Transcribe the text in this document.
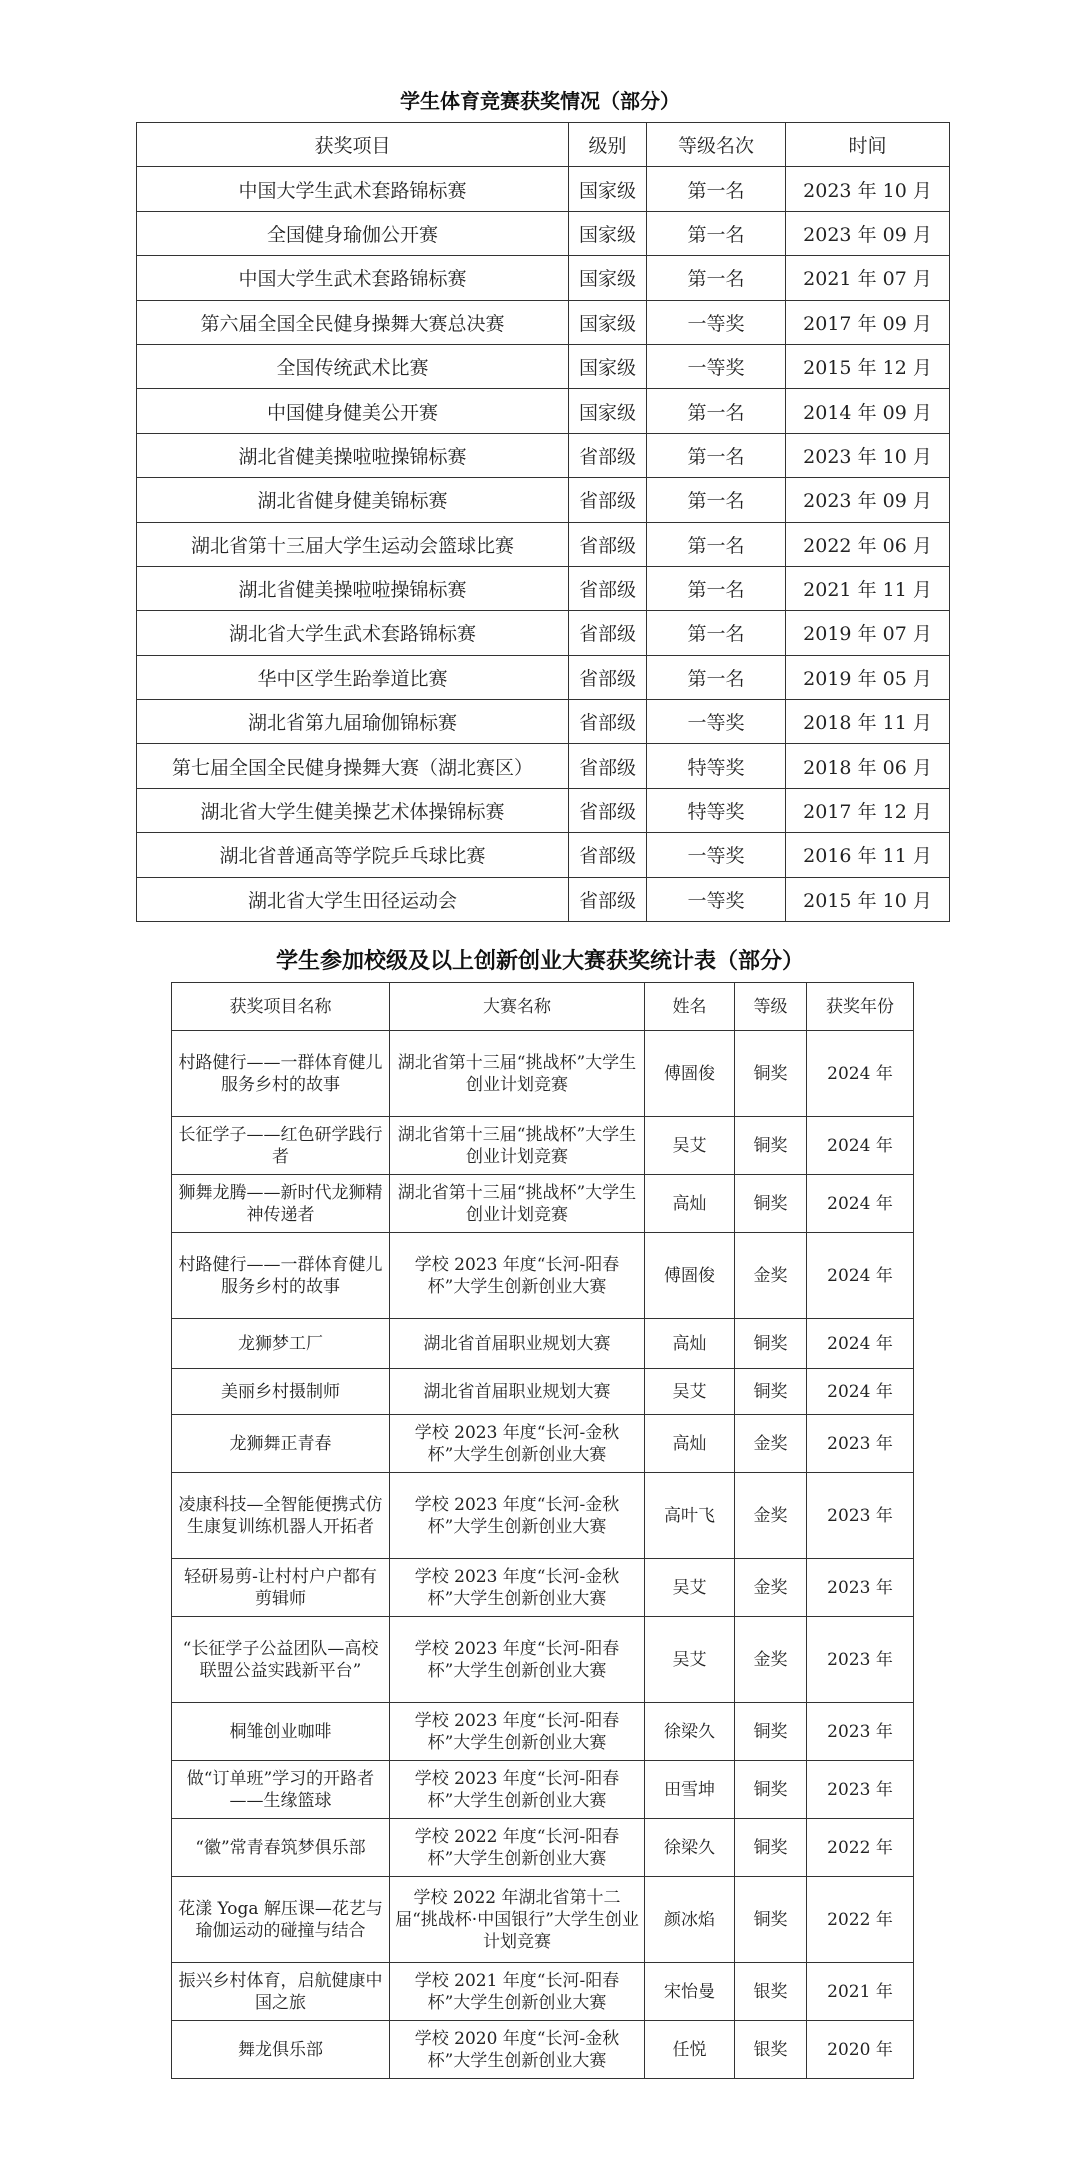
学生体育竞赛获奖情况（部分）
获奖项目	级别	等级名次	时间
中国大学生武术套路锦标赛	国家级	第一名	2023 年 10 月
全国健身瑜伽公开赛	国家级	第一名	2023 年 09 月
中国大学生武术套路锦标赛	国家级	第一名	2021 年 07 月
第六届全国全民健身操舞大赛总决赛	国家级	一等奖	2017 年 09 月
全国传统武术比赛	国家级	一等奖	2015 年 12 月
中国健身健美公开赛	国家级	第一名	2014 年 09 月
湖北省健美操啦啦操锦标赛	省部级	第一名	2023 年 10 月
湖北省健身健美锦标赛	省部级	第一名	2023 年 09 月
湖北省第十三届大学生运动会篮球比赛	省部级	第一名	2022 年 06 月
湖北省健美操啦啦操锦标赛	省部级	第一名	2021 年 11 月
湖北省大学生武术套路锦标赛	省部级	第一名	2019 年 07 月
华中区学生跆拳道比赛	省部级	第一名	2019 年 05 月
湖北省第九届瑜伽锦标赛	省部级	一等奖	2018 年 11 月
第七届全国全民健身操舞大赛（湖北赛区）	省部级	特等奖	2018 年 06 月
湖北省大学生健美操艺术体操锦标赛	省部级	特等奖	2017 年 12 月
湖北省普通高等学院乒乓球比赛	省部级	一等奖	2016 年 11 月
湖北省大学生田径运动会	省部级	一等奖	2015 年 10 月
学生参加校级及以上创新创业大赛获奖统计表（部分）
获奖项目名称	大赛名称	姓名	等级	获奖年份
村路健行——一群体育健儿服务乡村的故事	湖北省第十三届“挑战杯”大学生创业计划竞赛	傅圄俊	铜奖	2024 年
长征学子——红色研学践行者	湖北省第十三届“挑战杯”大学生创业计划竞赛	吴艾	铜奖	2024 年
狮舞龙腾——新时代龙狮精神传递者	湖北省第十三届“挑战杯”大学生创业计划竞赛	高灿	铜奖	2024 年
村路健行——一群体育健儿服务乡村的故事	学校 2023 年度“长河-阳春杯”大学生创新创业大赛	傅圄俊	金奖	2024 年
龙狮梦工厂	湖北省首届职业规划大赛	高灿	铜奖	2024 年
美丽乡村摄制师	湖北省首届职业规划大赛	吴艾	铜奖	2024 年
龙狮舞正青春	学校 2023 年度“长河-金秋杯”大学生创新创业大赛	高灿	金奖	2023 年
凌康科技—全智能便携式仿生康复训练机器人开拓者	学校 2023 年度“长河-金秋杯”大学生创新创业大赛	高叶飞	金奖	2023 年
轻研易剪-让村村户户都有剪辑师	学校 2023 年度“长河-金秋杯”大学生创新创业大赛	吴艾	金奖	2023 年
“长征学子公益团队—高校联盟公益实践新平台”	学校 2023 年度“长河-阳春杯”大学生创新创业大赛	吴艾	金奖	2023 年
桐雏创业咖啡	学校 2023 年度“长河-阳春杯”大学生创新创业大赛	徐梁久	铜奖	2023 年
做“订单班”学习的开路者——生缘篮球	学校 2023 年度“长河-阳春杯”大学生创新创业大赛	田雪坤	铜奖	2023 年
“徽”常青春筑梦俱乐部	学校 2022 年度“长河-阳春杯”大学生创新创业大赛	徐梁久	铜奖	2022 年
花漾 Yoga 解压课—花艺与瑜伽运动的碰撞与结合	学校 2022 年湖北省第十二届“挑战杯·中国银行”大学生创业计划竞赛	颜冰焰	铜奖	2022 年
振兴乡村体育，启航健康中国之旅	学校 2021 年度“长河-阳春杯”大学生创新创业大赛	宋怡曼	银奖	2021 年
舞龙俱乐部	学校 2020 年度“长河-金秋杯”大学生创新创业大赛	任悦	银奖	2020 年
